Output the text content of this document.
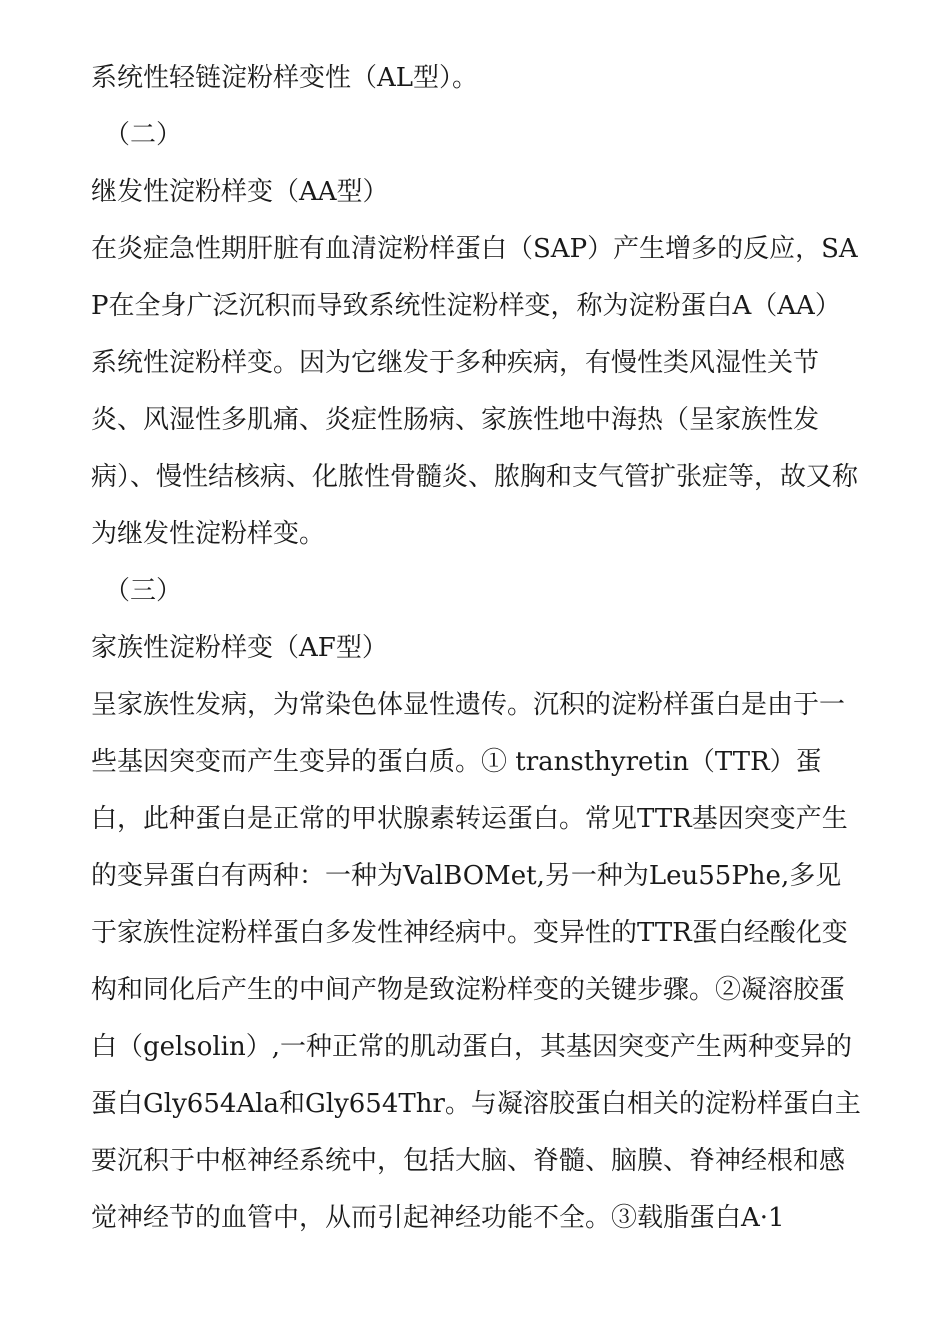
系统性轻链淀粉样变性（AL型）。

（二）

继发性淀粉样变（AA型）

在炎症急性期肝脏有血清淀粉样蛋白（SAP）产生增多的反应，SAP在全身广泛沉积而导致系统性淀粉样变，称为淀粉蛋白A（AA）系统性淀粉样变。因为它继发于多种疾病，有慢性类风湿性关节炎、风湿性多肌痛、炎症性肠病、家族性地中海热（呈家族性发病）、慢性结核病、化脓性骨髓炎、脓胸和支气管扩张症等，故又称为继发性淀粉样变。

（三）

家族性淀粉样变（AF型）

呈家族性发病，为常染色体显性遗传。沉积的淀粉样蛋白是由于一些基因突变而产生变异的蛋白质。① transthyretin（TTR）蛋白，此种蛋白是正常的甲状腺素转运蛋白。常见TTR基因突变产生的变异蛋白有两种：一种为ValBOMet,另一种为Leu55Phe,多见于家族性淀粉样蛋白多发性神经病中。变异性的TTR蛋白经酸化变构和同化后产生的中间产物是致淀粉样变的关键步骤。②凝溶胶蛋白（gelsolin）,一种正常的肌动蛋白，其基因突变产生两种变异的蛋白Gly654Ala和Gly654Thr。与凝溶胶蛋白相关的淀粉样蛋白主要沉积于中枢神经系统中，包括大脑、脊髓、脑膜、脊神经根和感觉神经节的血管中，从而引起神经功能不全。③载脂蛋白A·1
